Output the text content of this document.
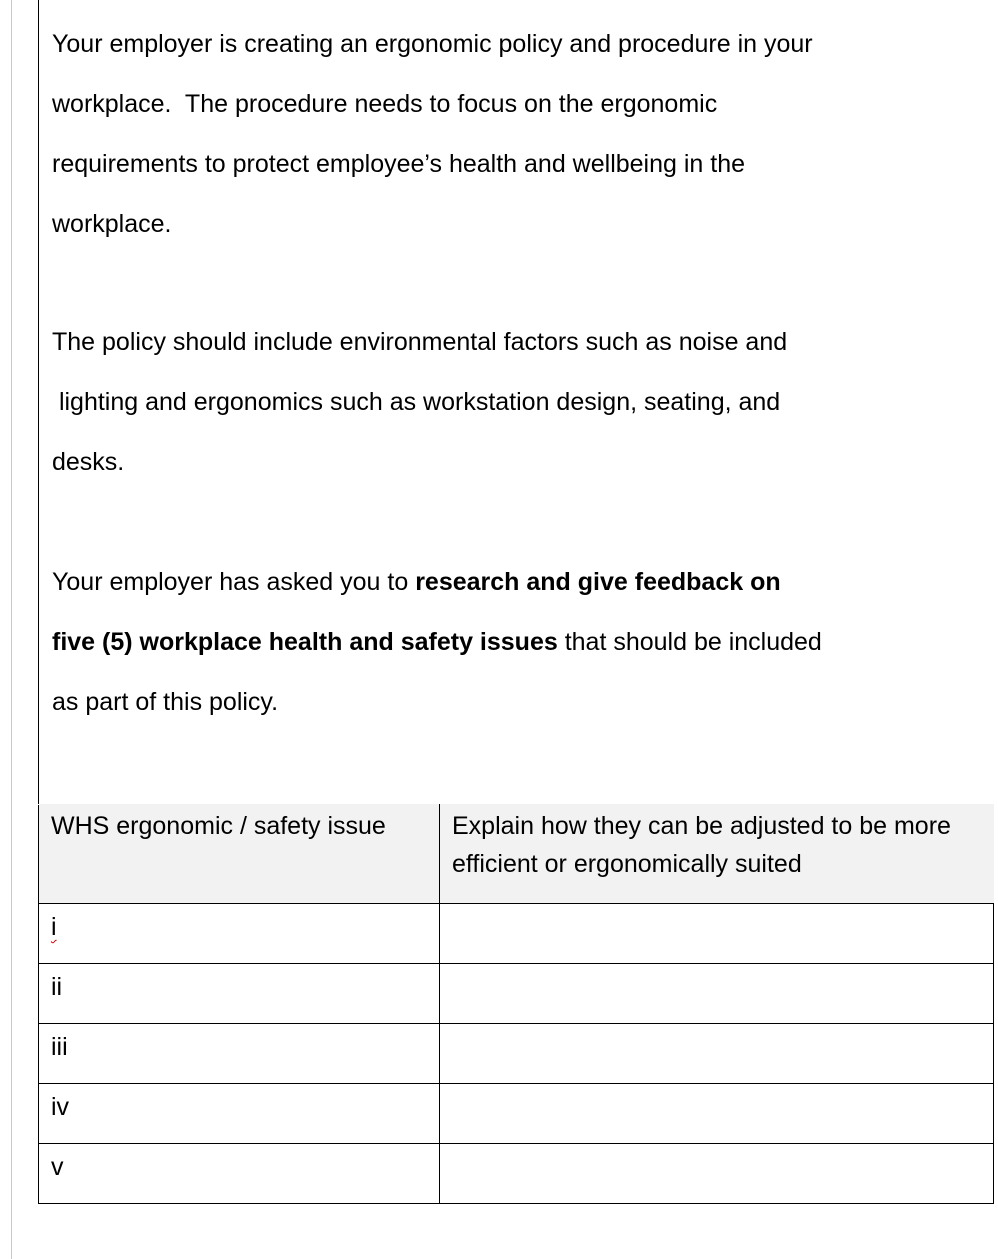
Your employer is creating an ergonomic policy and procedure in your
workplace.  The procedure needs to focus on the ergonomic
requirements to protect employee’s health and wellbeing in the
workplace.

The policy should include environmental factors such as noise and
lighting and ergonomics such as workstation design, seating, and
desks.

Your employer has asked you to research and give feedback on
five (5) workplace health and safety issues that should be included
as part of this policy.

WHS ergonomic / safety issue	Explain how they can be adjusted to be more efficient or ergonomically suited
i	
ii	
iii	
iv	
v	
